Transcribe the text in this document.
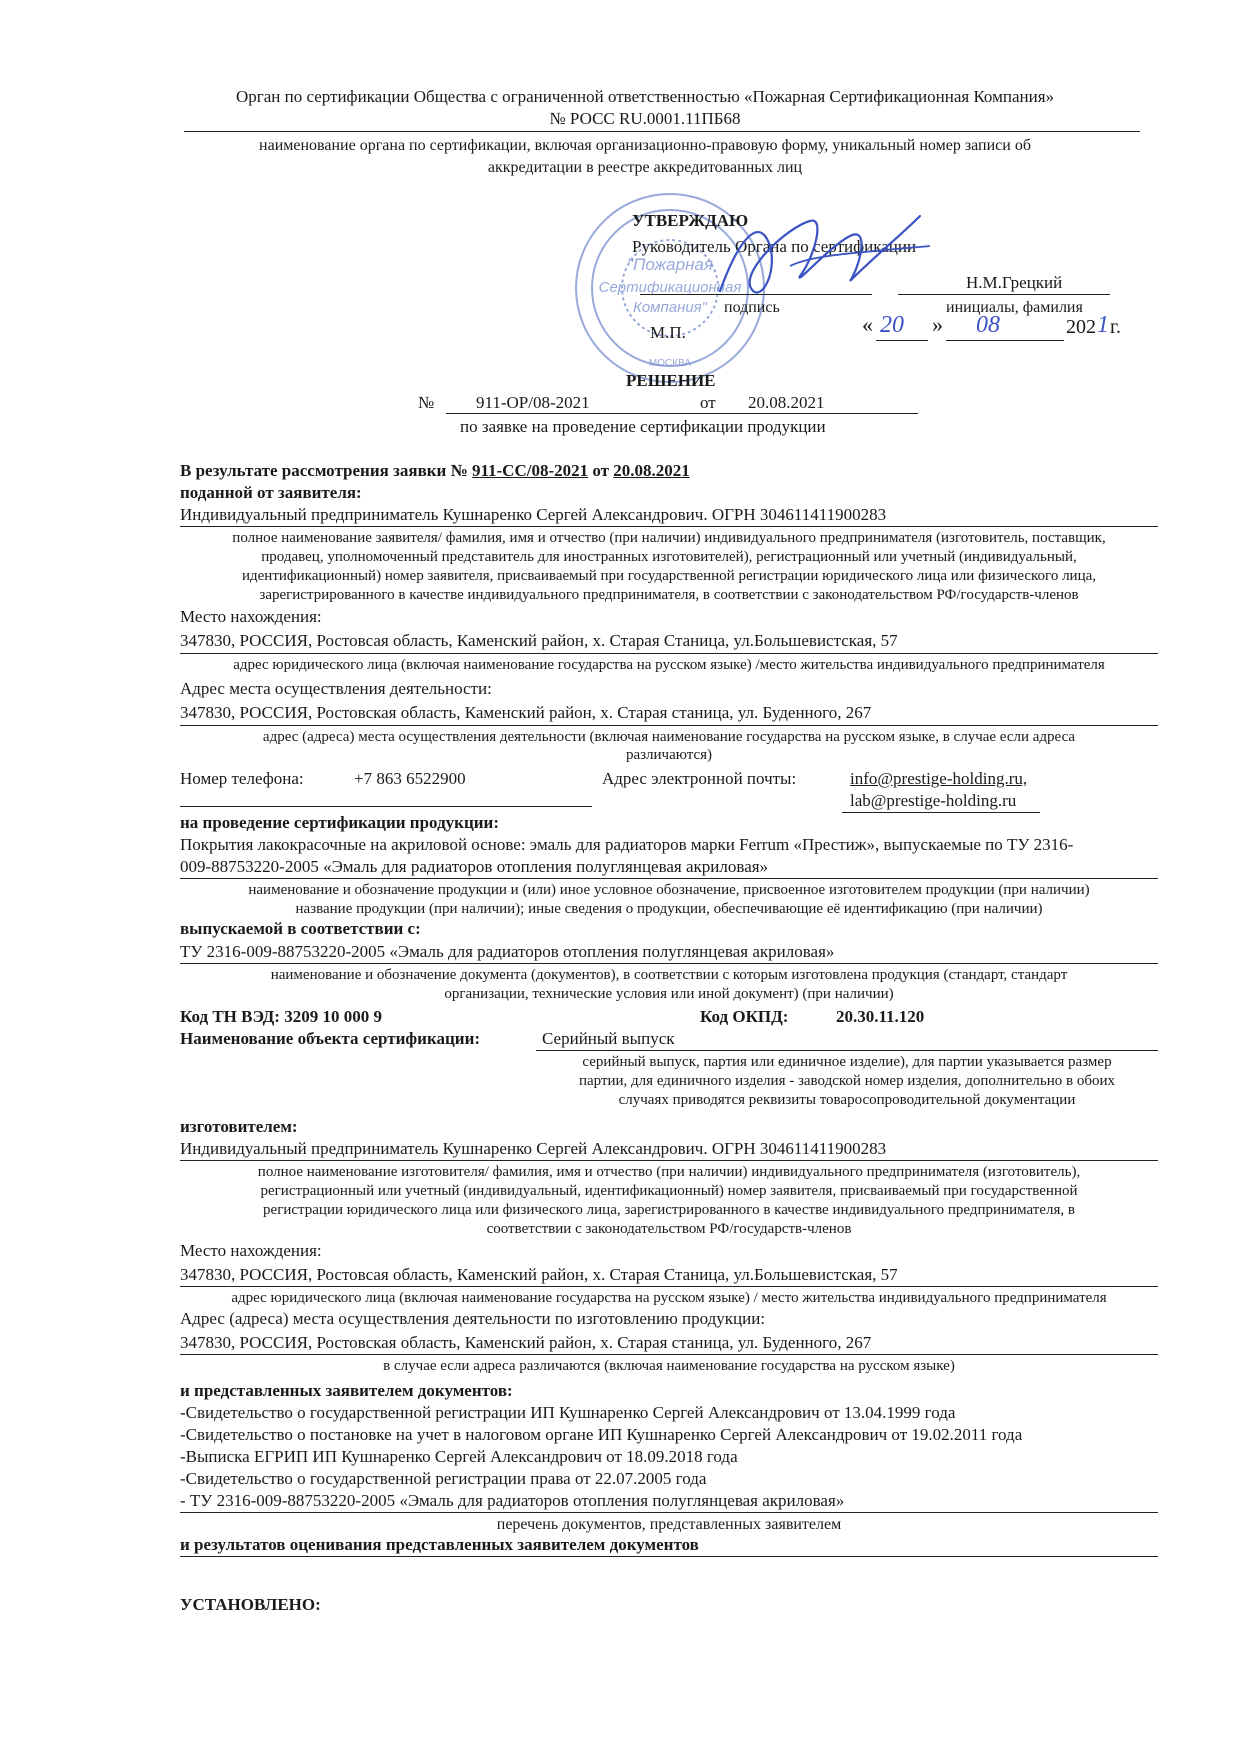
Орган по сертификации Общества с ограниченной ответственностью «Пожарная Сертификационная Компания»
№ РОСС RU.0001.11ПБ68
наименование органа по сертификации, включая организационно-правовую форму, уникальный номер записи об
аккредитации в реестре аккредитованных лиц
"Пожарная
Сертификационная
Компания"
МОСКВА
УТВЕРЖДАЮ
Руководитель Органа по сертификации
Н.М.Грецкий
подпись	инициалы, фамилия
М.П.	« 20 » 08	202 1 г.
РЕШЕНИЕ
№ 911-ОР/08-2021	от 20.08.2021
по заявке на проведение сертификации продукции
В результате рассмотрения заявки № 911-СС/08-2021 от 20.08.2021
поданной от заявителя:
Индивидуальный предприниматель Кушнаренко Сергей Александрович. ОГРН 304611411900283
полное наименование заявителя/ фамилия, имя и отчество (при наличии) индивидуального предпринимателя (изготовитель, поставщик,
продавец, уполномоченный представитель для иностранных изготовителей), регистрационный или учетный (индивидуальный,
идентификационный) номер заявителя, присваиваемый при государственной регистрации юридического лица или физического лица,
зарегистрированного в качестве индивидуального предпринимателя, в соответствии с законодательством РФ/государств-членов
Место нахождения:
347830, РОССИЯ, Ростовсая область, Каменский район, х. Старая Станица, ул.Большевистская, 57
адрес юридического лица (включая наименование государства на русском языке) /место жительства индивидуального предпринимателя
Адрес места осуществления деятельности:
347830, РОССИЯ, Ростовская область, Каменский район, х. Старая станица, ул. Буденного, 267
адрес (адреса) места осуществления деятельности (включая наименование государства на русском языке, в случае если адреса
различаются)
Номер телефона:	+7 863 6522900	Адрес электронной почты:	info@prestige-holding.ru,
lab@prestige-holding.ru
на проведение сертификации продукции:
Покрытия лакокрасочные на акриловой основе: эмаль для радиаторов марки Ferrum «Престиж», выпускаемые по ТУ 2316-
009-88753220-2005 «Эмаль для радиаторов отопления полуглянцевая акриловая»
наименование и обозначение продукции и (или) иное условное обозначение, присвоенное изготовителем продукции (при наличии)
название продукции (при наличии); иные сведения о продукции, обеспечивающие её идентификацию (при наличии)
выпускаемой в соответствии с:
ТУ 2316-009-88753220-2005 «Эмаль для радиаторов отопления полуглянцевая акриловая»
наименование и обозначение документа (документов), в соответствии с которым изготовлена продукция (стандарт, стандарт
организации, технические условия или иной документ) (при наличии)
Код ТН ВЭД: 3209 10 000 9	Код ОКПД:	20.30.11.120
Наименование объекта сертификации:	Серийный выпуск
серийный выпуск, партия или единичное изделие), для партии указывается размер
партии, для единичного изделия - заводской номер изделия, дополнительно в обоих
случаях приводятся реквизиты товаросопроводительной документации
изготовителем:
Индивидуальный предприниматель Кушнаренко Сергей Александрович. ОГРН 304611411900283
полное наименование изготовителя/ фамилия, имя и отчество (при наличии) индивидуального предпринимателя (изготовитель),
регистрационный или учетный (индивидуальный, идентификационный) номер заявителя, присваиваемый при государственной
регистрации юридического лица или физического лица, зарегистрированного в качестве индивидуального предпринимателя, в
соответствии с законодательством РФ/государств-членов
Место нахождения:
347830, РОССИЯ, Ростовсая область, Каменский район, х. Старая Станица, ул.Большевистская, 57
адрес юридического лица (включая наименование государства на русском языке) / место жительства индивидуального предпринимателя
Адрес (адреса) места осуществления деятельности по изготовлению продукции:
347830, РОССИЯ, Ростовская область, Каменский район, х. Старая станица, ул. Буденного, 267
в случае если адреса различаются (включая наименование государства на русском языке)
и представленных заявителем документов:
-Свидетельство о государственной регистрации ИП Кушнаренко Сергей Александрович от 13.04.1999 года
-Свидетельство о постановке на учет в налоговом органе ИП Кушнаренко Сергей Александрович от 19.02.2011 года
-Выписка ЕГРИП ИП Кушнаренко Сергей Александрович от 18.09.2018 года
-Свидетельство о государственной регистрации права от 22.07.2005 года
- ТУ 2316-009-88753220-2005 «Эмаль для радиаторов отопления полуглянцевая акриловая»
перечень документов, представленных заявителем
и результатов оценивания представленных заявителем документов
УСТАНОВЛЕНО:
